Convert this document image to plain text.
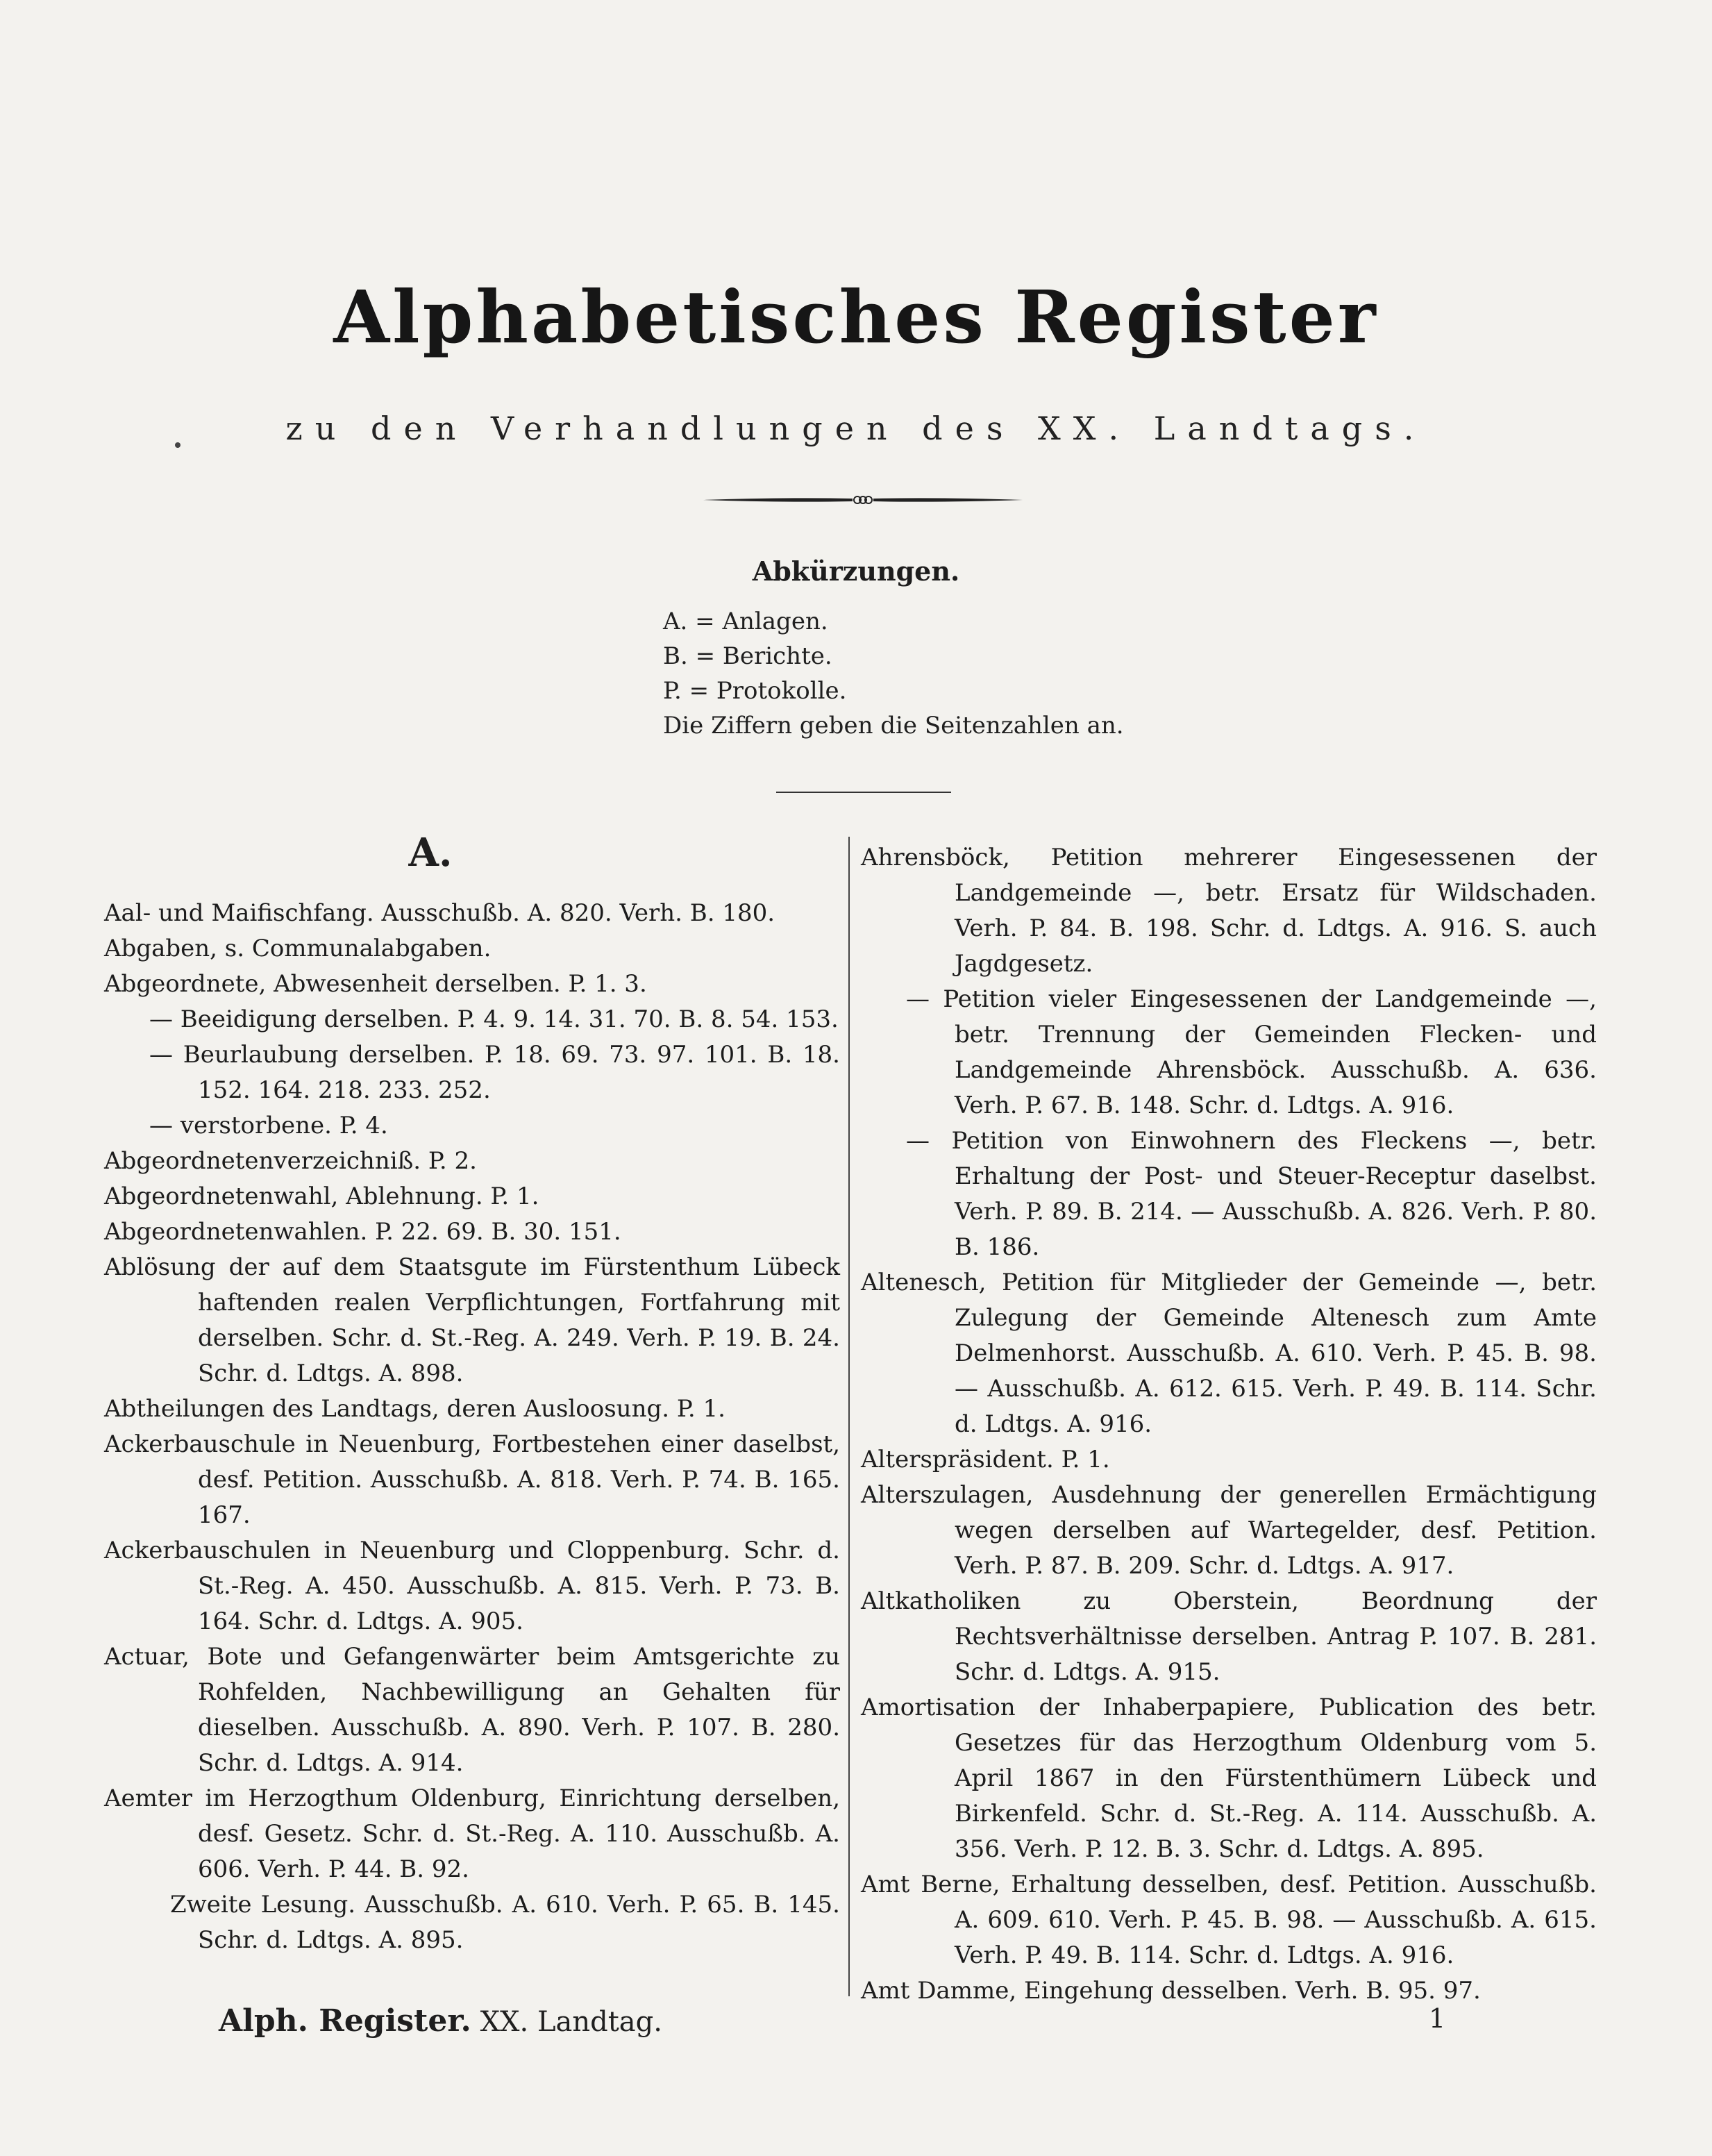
Alphabetisches Register
zu den Verhandlungen des XX. Landtags.
Abkürzungen.
A. = Anlagen.
B. = Berichte.
P. = Protokolle.
Die Ziffern geben die Seitenzahlen an.
A.

Aal- und Maifischfang. Ausschußb. A. 820. Verh. B. 180.

Abgaben, s. Communalabgaben.

Abgeordnete, Abwesenheit derselben. P. 1. 3.

— Beeidigung derselben. P. 4. 9. 14. 31. 70. B. 8. 54. 153.

— Beurlaubung derselben. P. 18. 69. 73. 97. 101. B. 18. 152. 164. 218. 233. 252.

— verstorbene. P. 4.

Abgeordnetenverzeichniß. P. 2.

Abgeordnetenwahl, Ablehnung. P. 1.

Abgeordnetenwahlen. P. 22. 69. B. 30. 151.

Ablösung der auf dem Staatsgute im Fürstenthum Lübeck haftenden realen Verpflichtungen, Fortfahrung mit derselben. Schr. d. St.-Reg. A. 249. Verh. P. 19. B. 24. Schr. d. Ldtgs. A. 898.

Abtheilungen des Landtags, deren Ausloosung. P. 1.

Ackerbauschule in Neuenburg, Fortbestehen einer daselbst, desf. Petition. Ausschußb. A. 818. Verh. P. 74. B. 165. 167.

Ackerbauschulen in Neuenburg und Cloppenburg. Schr. d. St.-Reg. A. 450. Ausschußb. A. 815. Verh. P. 73. B. 164. Schr. d. Ldtgs. A. 905.

Actuar, Bote und Gefangenwärter beim Amtsgerichte zu Rohfelden, Nachbewilligung an Gehalten für dieselben. Ausschußb. A. 890. Verh. P. 107. B. 280. Schr. d. Ldtgs. A. 914.

Aemter im Herzogthum Oldenburg, Einrichtung derselben, desf. Gesetz. Schr. d. St.-Reg. A. 110. Ausschußb. A. 606. Verh. P. 44. B. 92.

Zweite Lesung. Ausschußb. A. 610. Verh. P. 65. B. 145. Schr. d. Ldtgs. A. 895.

Ahrensböck, Petition mehrerer Eingesessenen der Landgemeinde —, betr. Ersatz für Wildschaden. Verh. P. 84. B. 198. Schr. d. Ldtgs. A. 916. S. auch Jagdgesetz.

— Petition vieler Eingesessenen der Landgemeinde —, betr. Trennung der Gemeinden Flecken- und Landgemeinde Ahrensböck. Ausschußb. A. 636. Verh. P. 67. B. 148. Schr. d. Ldtgs. A. 916.

— Petition von Einwohnern des Fleckens —, betr. Erhaltung der Post- und Steuer-Receptur daselbst. Verh. P. 89. B. 214. — Ausschußb. A. 826. Verh. P. 80. B. 186.

Altenesch, Petition für Mitglieder der Gemeinde —, betr. Zulegung der Gemeinde Altenesch zum Amte Delmenhorst. Ausschußb. A. 610. Verh. P. 45. B. 98. — Ausschußb. A. 612. 615. Verh. P. 49. B. 114. Schr. d. Ldtgs. A. 916.

Alterspräsident. P. 1.

Alterszulagen, Ausdehnung der generellen Ermächtigung wegen derselben auf Wartegelder, desf. Petition. Verh. P. 87. B. 209. Schr. d. Ldtgs. A. 917.

Altkatholiken zu Oberstein, Beordnung der Rechtsverhältnisse derselben. Antrag P. 107. B. 281. Schr. d. Ldtgs. A. 915.

Amortisation der Inhaberpapiere, Publication des betr. Gesetzes für das Herzogthum Oldenburg vom 5. April 1867 in den Fürstenthümern Lübeck und Birkenfeld. Schr. d. St.-Reg. A. 114. Ausschußb. A. 356. Verh. P. 12. B. 3. Schr. d. Ldtgs. A. 895.

Amt Berne, Erhaltung desselben, desf. Petition. Ausschußb. A. 609. 610. Verh. P. 45. B. 98. — Ausschußb. A. 615. Verh. P. 49. B. 114. Schr. d. Ldtgs. A. 916.

Amt Damme, Eingehung desselben. Verh. B. 95. 97.

Alph. Register. XX. Landtag.	1
